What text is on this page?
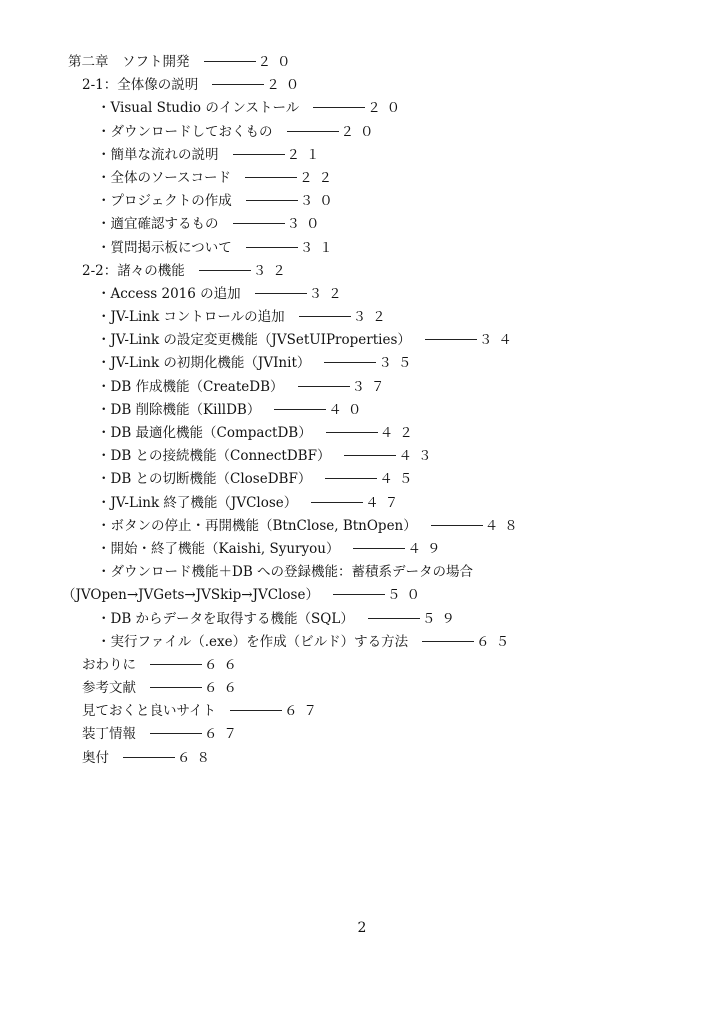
第二章　ソフト開発	２０
2-1：全体像の説明	２０
・Visual Studio のインストール	２０
・ダウンロードしておくもの	２０
・簡単な流れの説明	２１
・全体のソースコード	２２
・プロジェクトの作成	３０
・適宜確認するもの	３０
・質問掲示板について	３１
2-2：諸々の機能	３２
・Access 2016 の追加	３２
・JV-Link コントロールの追加	３２
・JV-Link の設定変更機能（JVSetUIProperties）	３４
・JV-Link の初期化機能（JVInit）	３５
・DB 作成機能（CreateDB）	３７
・DB 削除機能（KillDB）	４０
・DB 最適化機能（CompactDB）	４２
・DB との接続機能（ConnectDBF）	４３
・DB との切断機能（CloseDBF）	４５
・JV-Link 終了機能（JVClose）	４７
・ボタンの停止・再開機能（BtnClose, BtnOpen）	４８
・開始・終了機能（Kaishi, Syuryou）	４９
・ダウンロード機能＋DB への登録機能：蓄積系データの場合
（JVOpen→JVGets→JVSkip→JVClose）	５０
・DB からデータを取得する機能（SQL）	５９
・実行ファイル（.exe）を作成（ビルド）する方法	６５
おわりに	６６
参考文献	６６
見ておくと良いサイト	６７
装丁情報	６７
奥付	６８
2
